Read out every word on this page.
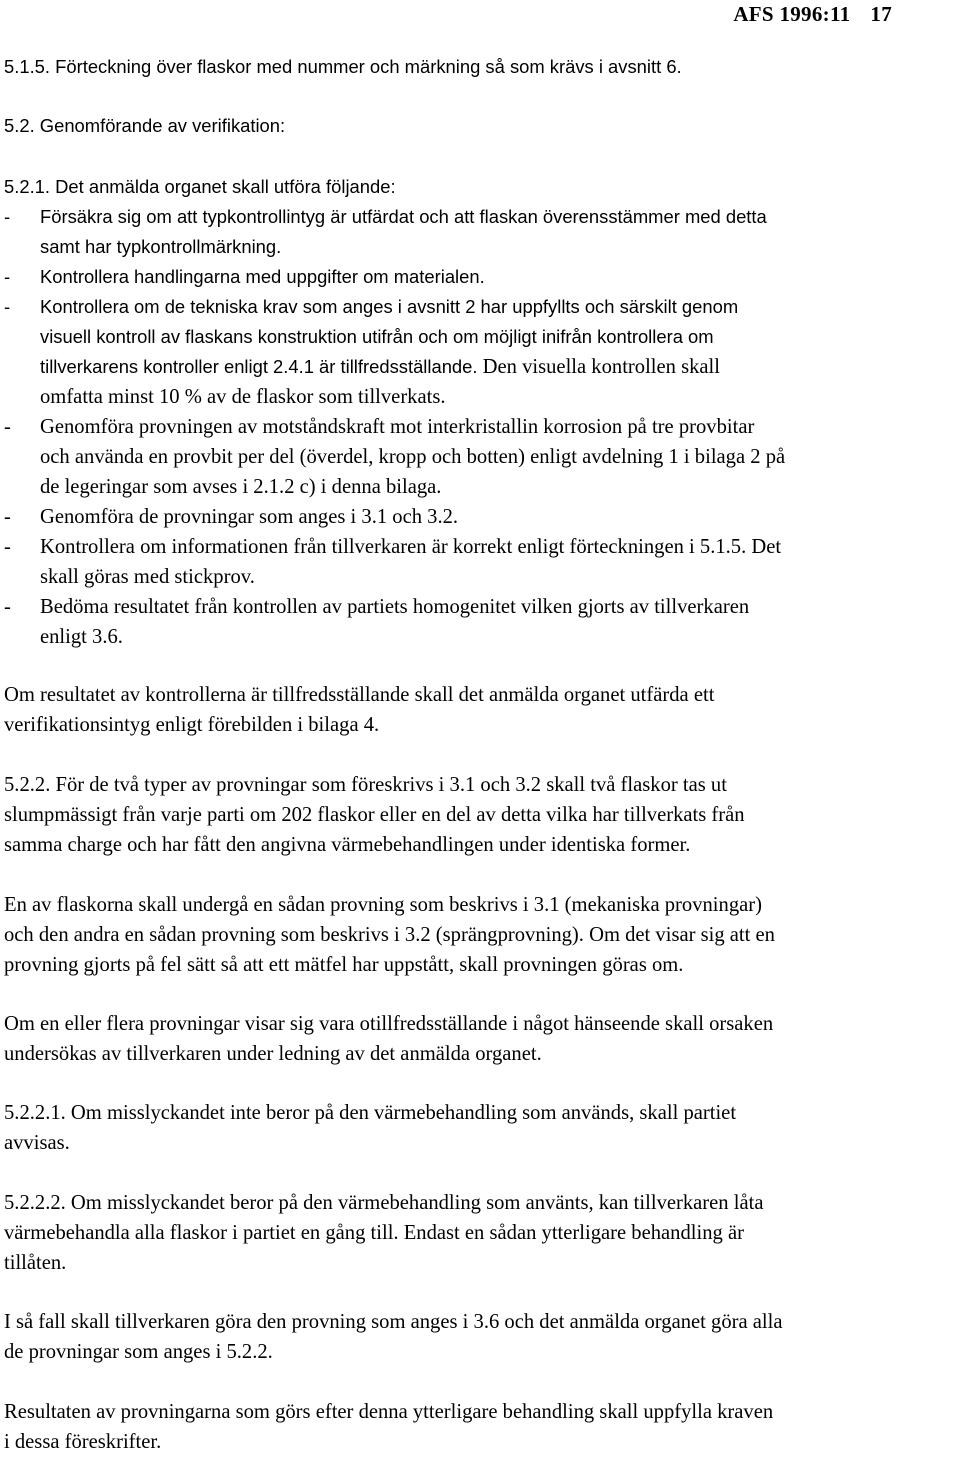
AFS 1996:11 17
5.1.5. Förteckning över flaskor med nummer och märkning så som krävs i avsnitt 6.
5.2. Genomförande av verifikation:
5.2.1. Det anmälda organet skall utföra följande:
- Försäkra sig om att typkontrollintyg är utfärdat och att flaskan överensstämmer med detta
samt har typkontrollmärkning.
- Kontrollera handlingarna med uppgifter om materialen.
- Kontrollera om de tekniska krav som anges i avsnitt 2 har uppfyllts och särskilt genom
visuell kontroll av flaskans konstruktion utifrån och om möjligt inifrån kontrollera om
tillverkarens kontroller enligt 2.4.1 är tillfredsställande. Den visuella kontrollen skall
omfatta minst 10 % av de flaskor som tillverkats.
- Genomföra provningen av motståndskraft mot interkristallin korrosion på tre provbitar
och använda en provbit per del (överdel, kropp och botten) enligt avdelning 1 i bilaga 2 på
de legeringar som avses i 2.1.2 c) i denna bilaga.
- Genomföra de provningar som anges i 3.1 och 3.2.
- Kontrollera om informationen från tillverkaren är korrekt enligt förteckningen i 5.1.5. Det
skall göras med stickprov.
- Bedöma resultatet från kontrollen av partiets homogenitet vilken gjorts av tillverkaren
enligt 3.6.
Om resultatet av kontrollerna är tillfredsställande skall det anmälda organet utfärda ett
verifikationsintyg enligt förebilden i bilaga 4.
5.2.2. För de två typer av provningar som föreskrivs i 3.1 och 3.2 skall två flaskor tas ut
slumpmässigt från varje parti om 202 flaskor eller en del av detta vilka har tillverkats från
samma charge och har fått den angivna värmebehandlingen under identiska former.
En av flaskorna skall undergå en sådan provning som beskrivs i 3.1 (mekaniska provningar)
och den andra en sådan provning som beskrivs i 3.2 (sprängprovning). Om det visar sig att en
provning gjorts på fel sätt så att ett mätfel har uppstått, skall provningen göras om.
Om en eller flera provningar visar sig vara otillfredsställande i något hänseende skall orsaken
undersökas av tillverkaren under ledning av det anmälda organet.
5.2.2.1. Om misslyckandet inte beror på den värmebehandling som används, skall partiet
avvisas.
5.2.2.2. Om misslyckandet beror på den värmebehandling som använts, kan tillverkaren låta
värmebehandla alla flaskor i partiet en gång till. Endast en sådan ytterligare behandling är
tillåten.
I så fall skall tillverkaren göra den provning som anges i 3.6 och det anmälda organet göra alla
de provningar som anges i 5.2.2.
Resultaten av provningarna som görs efter denna ytterligare behandling skall uppfylla kraven
i dessa föreskrifter.
